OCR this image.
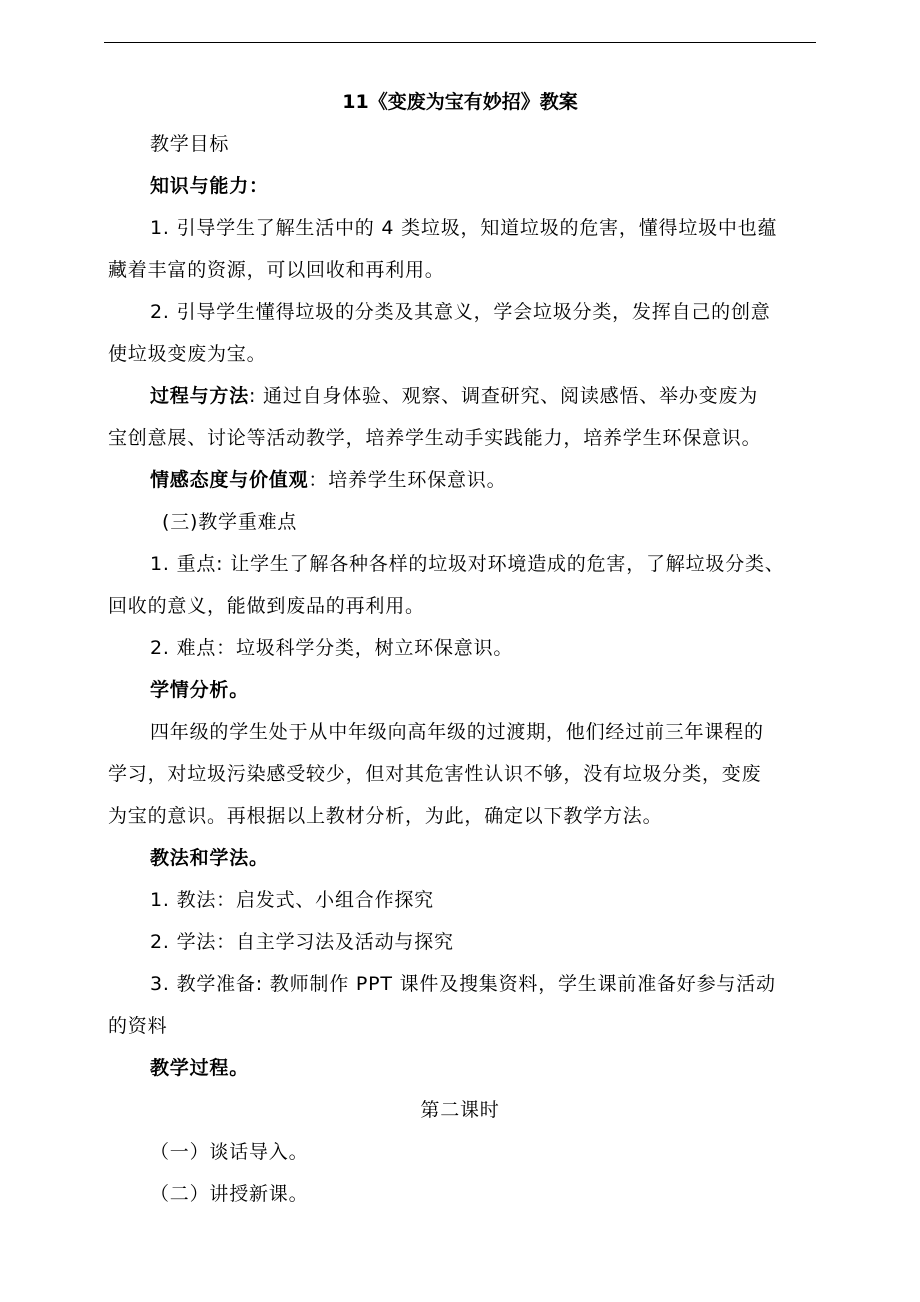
11《变废为宝有妙招》教案
教学目标
知识与能力：
1. 引导学生了解生活中的 4 类垃圾，知道垃圾的危害，懂得垃圾中也蕴
藏着丰富的资源，可以回收和再利用。
2. 引导学生懂得垃圾的分类及其意义，学会垃圾分类，发挥自己的创意
使垃圾变废为宝。
过程与方法: 通过自身体验、观察、调查研究、阅读感悟、举办变废为
宝创意展、讨论等活动教学，培养学生动手实践能力，培养学生环保意识。
情感态度与价值观：培养学生环保意识。
(三)教学重难点
1. 重点: 让学生了解各种各样的垃圾对环境造成的危害，了解垃圾分类、
回收的意义，能做到废品的再利用。
2. 难点：垃圾科学分类，树立环保意识。
学情分析。
四年级的学生处于从中年级向高年级的过渡期，他们经过前三年课程的
学习，对垃圾污染感受较少，但对其危害性认识不够，没有垃圾分类，变废
为宝的意识。再根据以上教材分析，为此，确定以下教学方法。
教法和学法。
1. 教法：启发式、小组合作探究
2. 学法：自主学习法及活动与探究
3. 教学准备: 教师制作 PPT 课件及搜集资料，学生课前准备好参与活动
的资料
教学过程。
第二课时
（一）谈话导入。
（二）讲授新课。
